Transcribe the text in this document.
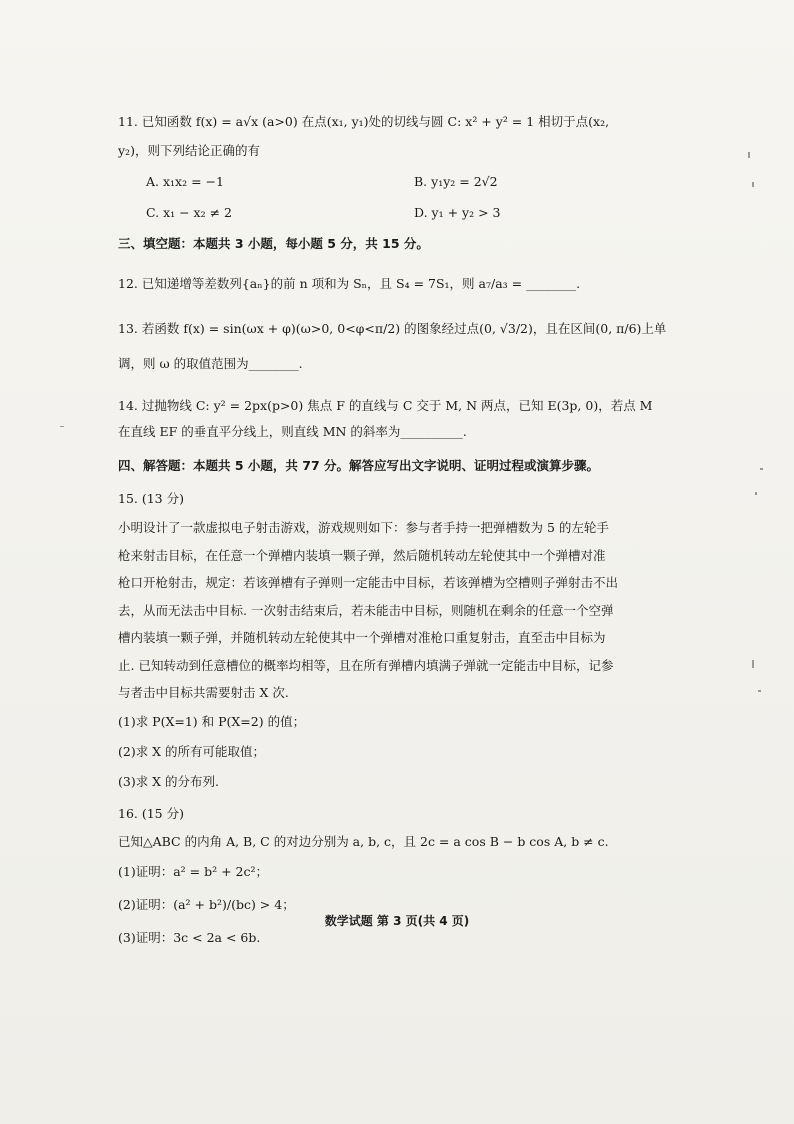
11. 已知函数 f(x) = a√x (a>0) 在点(x₁, y₁)处的切线与圆 C: x² + y² = 1 相切于点(x₂,
y₂)，则下列结论正确的有
A. x₁x₂ = −1	B. y₁y₂ = 2√2
C. x₁ − x₂ ≠ 2	D. y₁ + y₂ > 3
三、填空题：本题共 3 小题，每小题 5 分，共 15 分。
12. 已知递增等差数列{aₙ}的前 n 项和为 Sₙ，且 S₄ = 7S₁，则 a₇/a₃ = ________.
13. 若函数 f(x) = sin(ωx + φ)(ω>0, 0<φ<π/2) 的图象经过点(0, √3/2)，且在区间(0, π/6)上单
调，则 ω 的取值范围为________.
14. 过抛物线 C: y² = 2px(p>0) 焦点 F 的直线与 C 交于 M, N 两点，已知 E(3p, 0)，若点 M
在直线 EF 的垂直平分线上，则直线 MN 的斜率为__________.
四、解答题：本题共 5 小题，共 77 分。解答应写出文字说明、证明过程或演算步骤。
15. (13 分)
小明设计了一款虚拟电子射击游戏，游戏规则如下：参与者手持一把弹槽数为 5 的左轮手
枪来射击目标，在任意一个弹槽内装填一颗子弹，然后随机转动左轮使其中一个弹槽对准
枪口开枪射击，规定：若该弹槽有子弹则一定能击中目标，若该弹槽为空槽则子弹射击不出
去，从而无法击中目标. 一次射击结束后，若未能击中目标，则随机在剩余的任意一个空弹
槽内装填一颗子弹，并随机转动左轮使其中一个弹槽对准枪口重复射击，直至击中目标为
止. 已知转动到任意槽位的概率均相等，且在所有弹槽内填满子弹就一定能击中目标，记参
与者击中目标共需要射击 X 次.
(1)求 P(X=1) 和 P(X=2) 的值；
(2)求 X 的所有可能取值；
(3)求 X 的分布列.
16. (15 分)
已知△ABC 的内角 A, B, C 的对边分别为 a, b, c，且 2c = a cos B − b cos A, b ≠ c.
(1)证明：a² = b² + 2c²；
(2)证明：(a² + b²)/(bc) > 4；
(3)证明：3c < 2a < 6b.
数学试题 第 3 页(共 4 页)
